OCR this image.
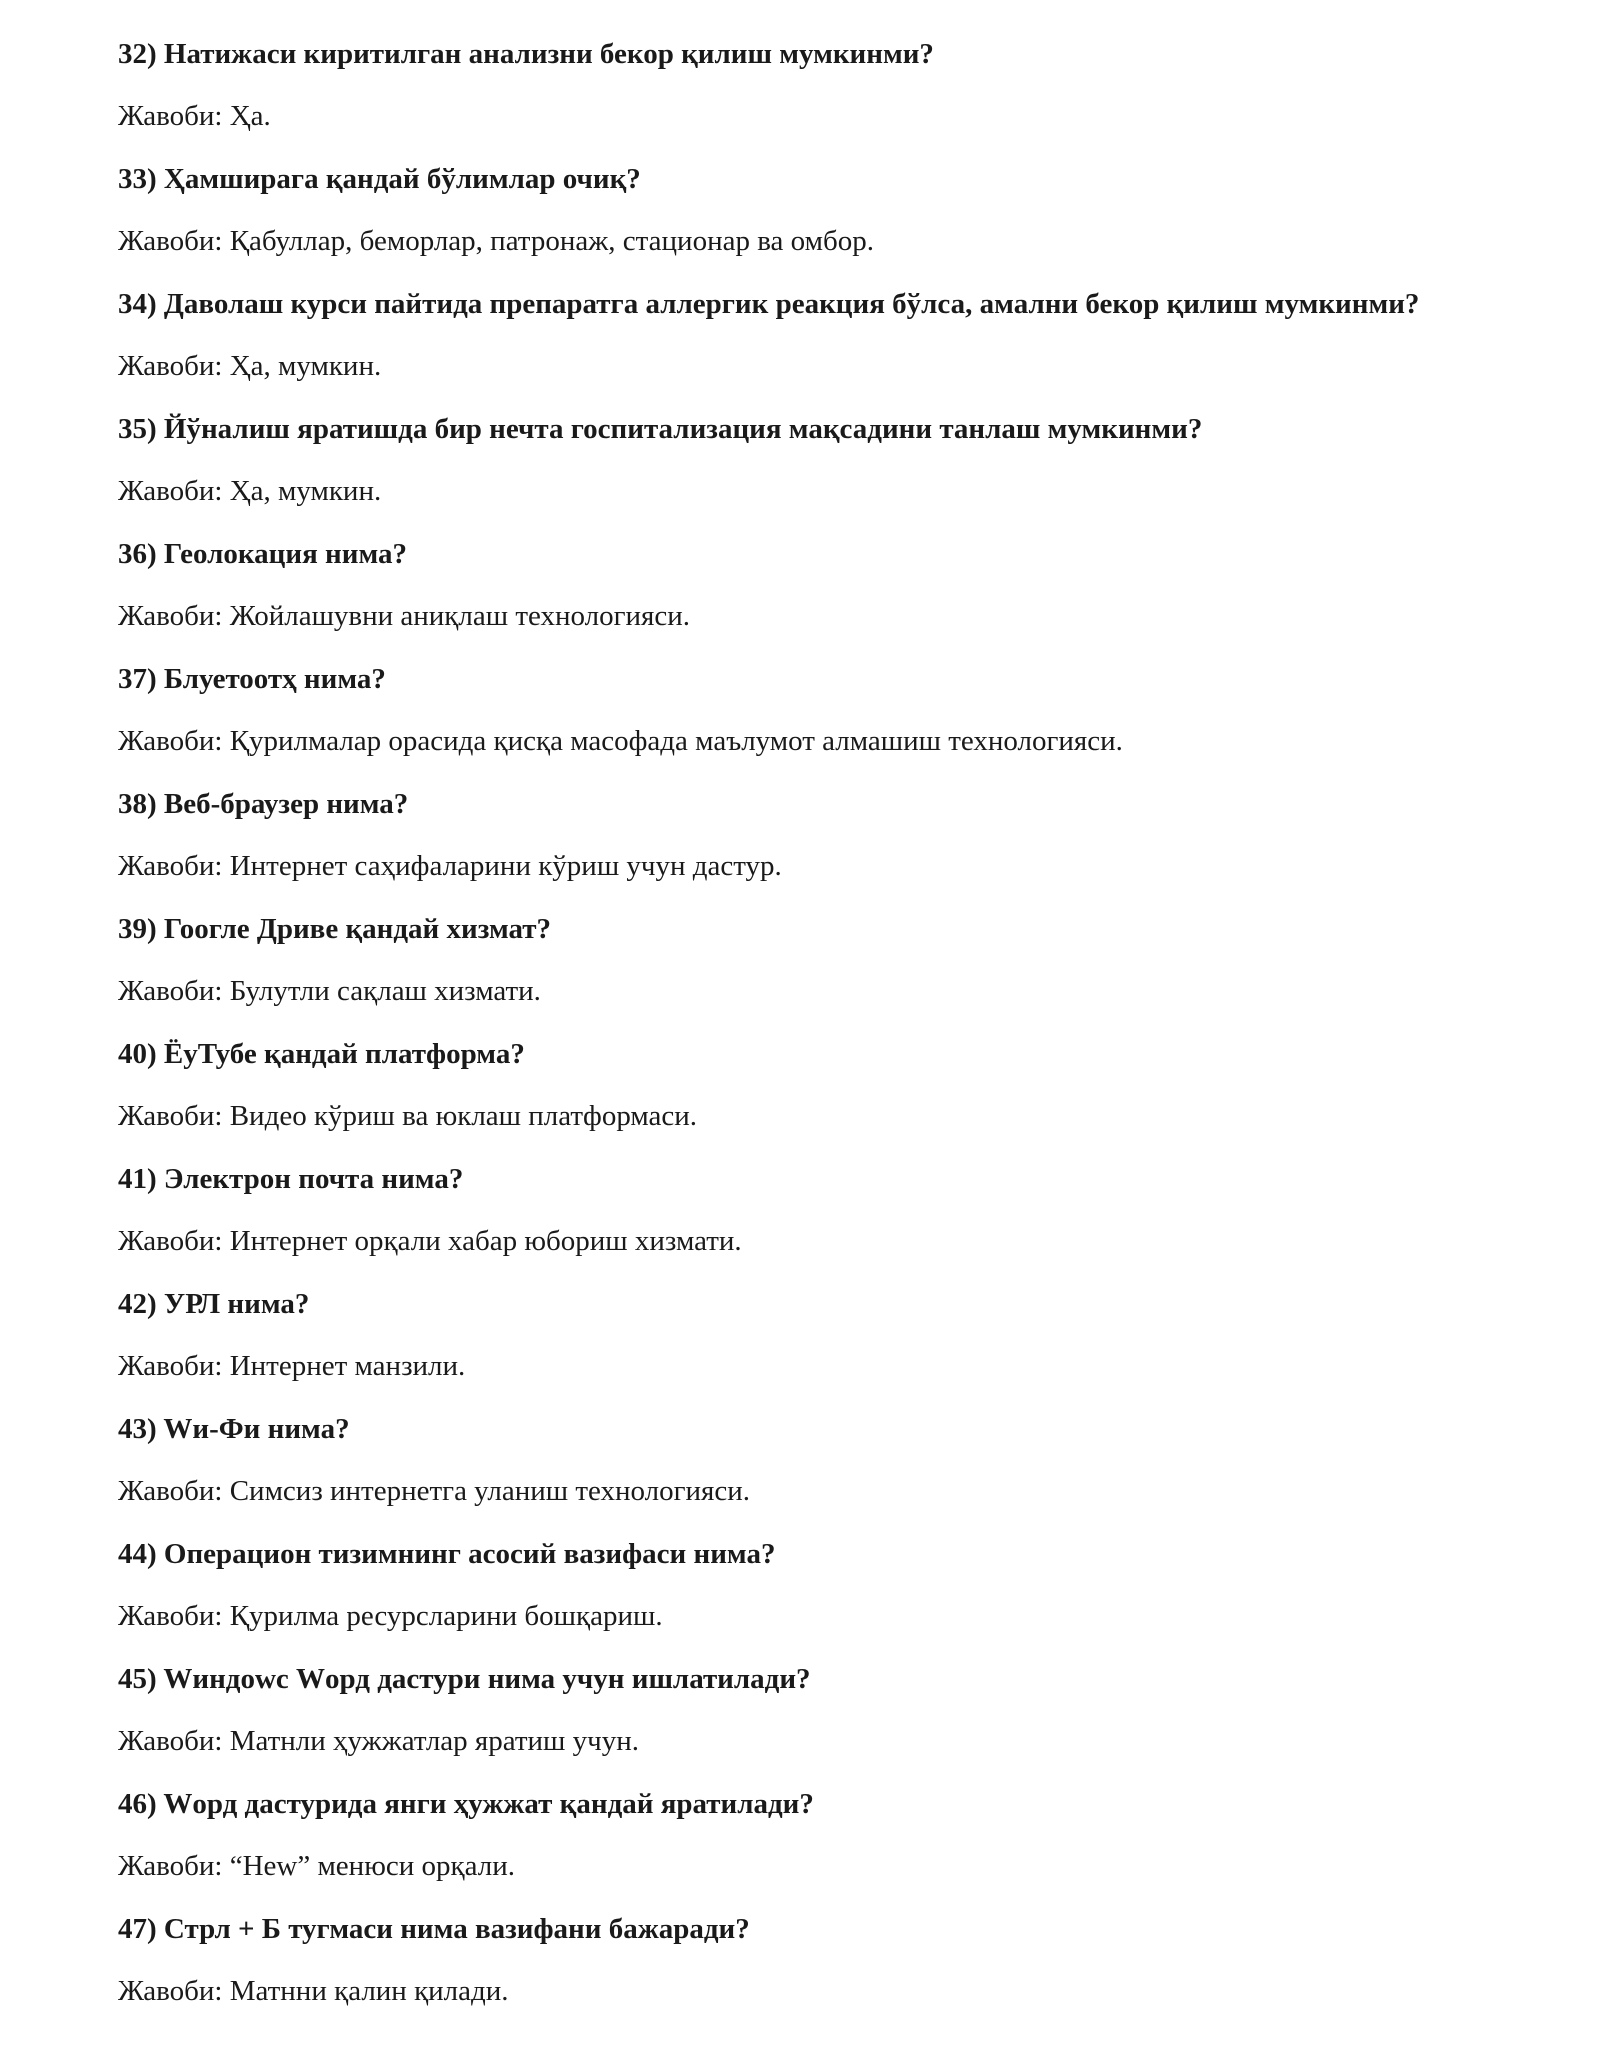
32) Натижаси киритилган анализни бекор қилиш мумкинми?

Жавоби: Ҳа.

33) Ҳамширага қандай бўлимлар очиқ?

Жавоби: Қабуллар, беморлар, патронаж, стационар ва омбор.

34) Даволаш курси пайтида препаратга аллергик реакция бўлса, амални бекор қилиш мумкинми?

Жавоби: Ҳа, мумкин.

35) Йўналиш яратишда бир нечта госпитализация мақсадини танлаш мумкинми?

Жавоби: Ҳа, мумкин.

36) Геолокация нима?

Жавоби: Жойлашувни аниқлаш технологияси.

37) Блуетоотҳ нима?

Жавоби: Қурилмалар орасида қисқа масофада маълумот алмашиш технологияси.

38) Веб-браузер нима?

Жавоби: Интернет саҳифаларини кўриш учун дастур.

39) Гоогле Дриве қандай хизмат?

Жавоби: Булутли сақлаш хизмати.

40) ЁуТубе қандай платформа?

Жавоби: Видео кўриш ва юклаш платформаси.

41) Электрон почта нима?

Жавоби: Интернет орқали хабар юбориш хизмати.

42) УРЛ нима?

Жавоби: Интернет манзили.

43) Wи-Фи нима?

Жавоби: Симсиз интернетга уланиш технологияси.

44) Операцион тизимнинг асосий вазифаси нима?

Жавоби: Қурилма ресурсларини бошқариш.

45) Wиндоwс Wорд дастури нима учун ишлатилади?

Жавоби: Матнли ҳужжатлар яратиш учун.

46) Wорд дастурида янги ҳужжат қандай яратилади?

Жавоби: “Неw” менюси орқали.

47) Стрл + Б тугмаси нима вазифани бажаради?

Жавоби: Матнни қалин қилади.
